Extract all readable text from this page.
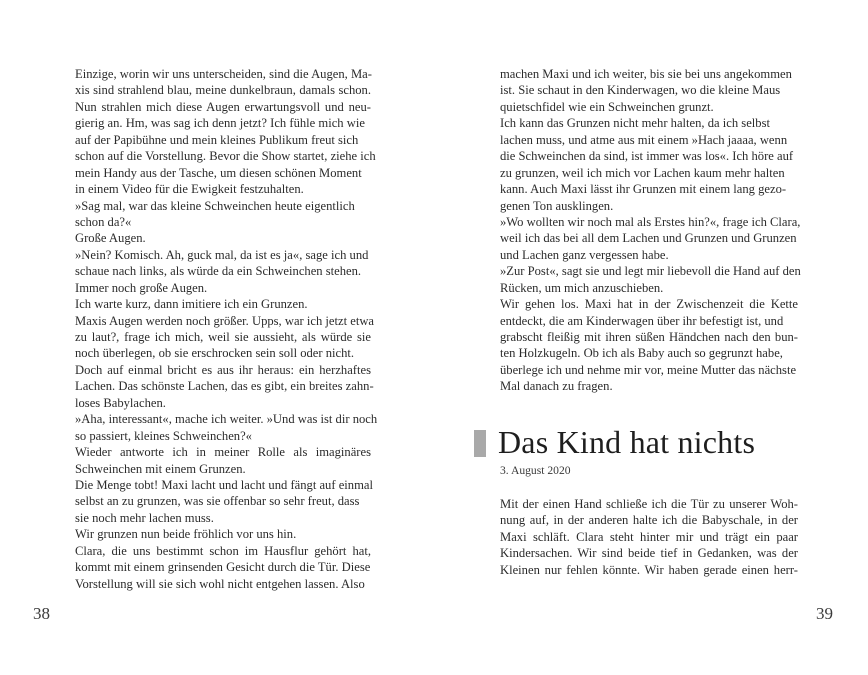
Einzige, worin wir uns unterscheiden, sind die Augen, Ma-
xis sind strahlend blau, meine dunkelbraun, damals schon.
Nun strahlen mich diese Augen erwartungsvoll und neu-
gierig an. Hm, was sag ich denn jetzt? Ich fühle mich wie
auf der Papibühne und mein kleines Publikum freut sich
schon auf die Vorstellung. Bevor die Show startet, ziehe ich
mein Handy aus der Tasche, um diesen schönen Moment
in einem Video für die Ewigkeit festzuhalten.
»Sag mal, war das kleine Schweinchen heute eigentlich
schon da?«
Große Augen.
»Nein? Komisch. Ah, guck mal, da ist es ja«, sage ich und
schaue nach links, als würde da ein Schweinchen stehen.
Immer noch große Augen.
Ich warte kurz, dann imitiere ich ein Grunzen.
Maxis Augen werden noch größer. Upps, war ich jetzt etwa
zu laut?, frage ich mich, weil sie aussieht, als würde sie
noch überlegen, ob sie erschrocken sein soll oder nicht.
Doch auf einmal bricht es aus ihr heraus: ein herzhaftes
Lachen. Das schönste Lachen, das es gibt, ein breites zahn-
loses Babylachen.
»Aha, interessant«, mache ich weiter. »Und was ist dir noch
so passiert, kleines Schweinchen?«
Wieder antworte ich in meiner Rolle als imaginäres
Schweinchen mit einem Grunzen.
Die Menge tobt! Maxi lacht und lacht und fängt auf einmal
selbst an zu grunzen, was sie offenbar so sehr freut, dass
sie noch mehr lachen muss.
Wir grunzen nun beide fröhlich vor uns hin.
Clara, die uns bestimmt schon im Hausflur gehört hat,
kommt mit einem grinsenden Gesicht durch die Tür. Diese
Vorstellung will sie sich wohl nicht entgehen lassen. Also
38
machen Maxi und ich weiter, bis sie bei uns angekommen
ist. Sie schaut in den Kinderwagen, wo die kleine Maus
quietschfidel wie ein Schweinchen grunzt.
Ich kann das Grunzen nicht mehr halten, da ich selbst
lachen muss, und atme aus mit einem »Hach jaaaa, wenn
die Schweinchen da sind, ist immer was los«. Ich höre auf
zu grunzen, weil ich mich vor Lachen kaum mehr halten
kann. Auch Maxi lässt ihr Grunzen mit einem lang gezo-
genen Ton ausklingen.
»Wo wollten wir noch mal als Erstes hin?«, frage ich Clara,
weil ich das bei all dem Lachen und Grunzen und Grunzen
und Lachen ganz vergessen habe.
»Zur Post«, sagt sie und legt mir liebevoll die Hand auf den
Rücken, um mich anzuschieben.
Wir gehen los. Maxi hat in der Zwischenzeit die Kette
entdeckt, die am Kinderwagen über ihr befestigt ist, und
grabscht fleißig mit ihren süßen Händchen nach den bun-
ten Holzkugeln. Ob ich als Baby auch so gegrunzt habe,
überlege ich und nehme mir vor, meine Mutter das nächste
Mal danach zu fragen.
Das Kind hat nichts
3. August 2020
Mit der einen Hand schließe ich die Tür zu unserer Woh-
nung auf, in der anderen halte ich die Babyschale, in der
Maxi schläft. Clara steht hinter mir und trägt ein paar
Kindersachen. Wir sind beide tief in Gedanken, was der
Kleinen nur fehlen könnte. Wir haben gerade einen herr-
39
